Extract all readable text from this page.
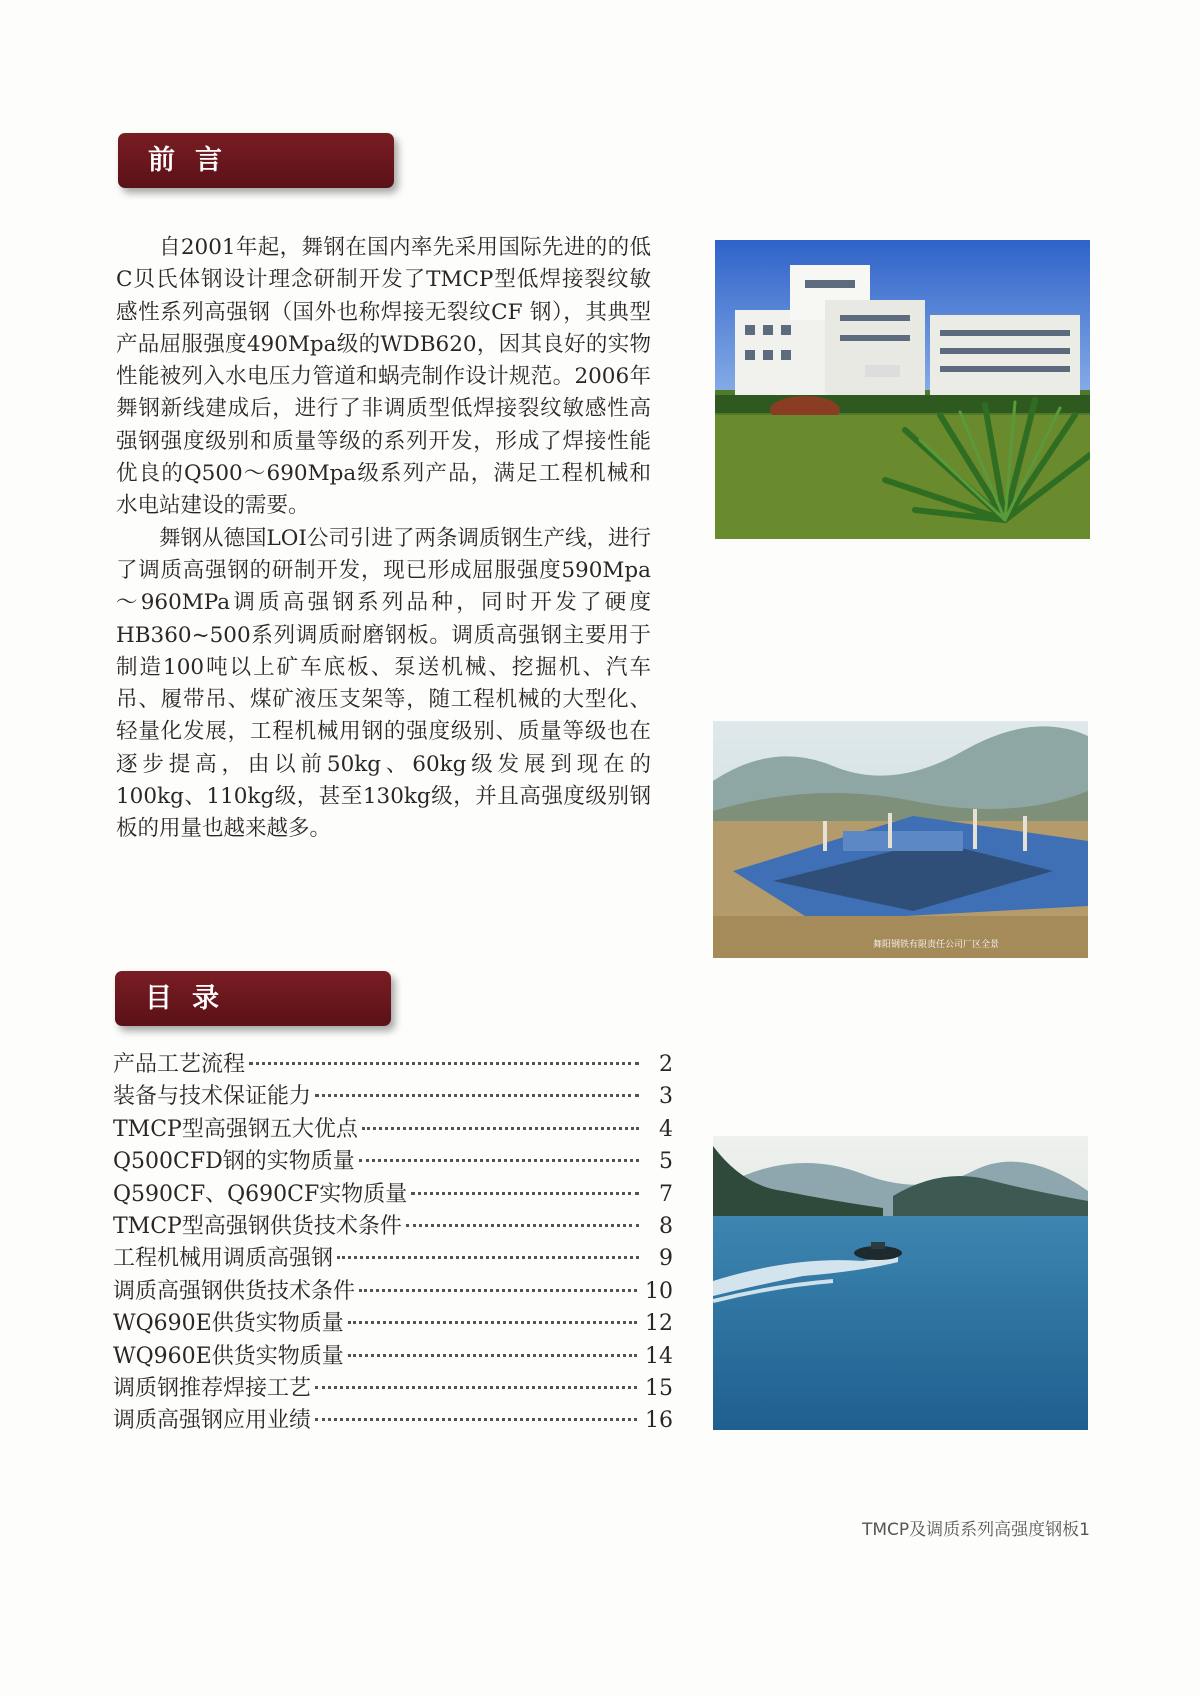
前言

自2001年起，舞钢在国内率先采用国际先进的的低C贝氏体钢设计理念研制开发了TMCP型低焊接裂纹敏感性系列高强钢（国外也称焊接无裂纹CF 钢），其典型产品屈服强度490Mpa级的WDB620，因其良好的实物性能被列入水电压力管道和蜗壳制作设计规范。2006年舞钢新线建成后，进行了非调质型低焊接裂纹敏感性高强钢强度级别和质量等级的系列开发，形成了焊接性能优良的Q500～690Mpa级系列产品，满足工程机械和水电站建设的需要。

舞钢从德国LOI公司引进了两条调质钢生产线，进行了调质高强钢的研制开发，现已形成屈服强度590Mpa～960MPa调质高强钢系列品种，同时开发了硬度HB360~500系列调质耐磨钢板。调质高强钢主要用于制造100吨以上矿车底板、泵送机械、挖掘机、汽车吊、履带吊、煤矿液压支架等，随工程机械的大型化、轻量化发展，工程机械用钢的强度级别、质量等级也在逐步提高，由以前50kg、60kg级发展到现在的100kg、110kg级，甚至130kg级，并且高强度级别钢板的用量也越来越多。

舞阳钢铁有限责任公司厂区全景
目录
产品工艺流程	2
装备与技术保证能力	3
TMCP型高强钢五大优点	4
Q500CFD钢的实物质量	5
Q590CF、Q690CF实物质量	7
TMCP型高强钢供货技术条件	8
工程机械用调质高强钢	9
调质高强钢供货技术条件	10
WQ690E供货实物质量	12
WQ960E供货实物质量	14
调质钢推荐焊接工艺	15
调质高强钢应用业绩	16
TMCP及调质系列高强度钢板1
